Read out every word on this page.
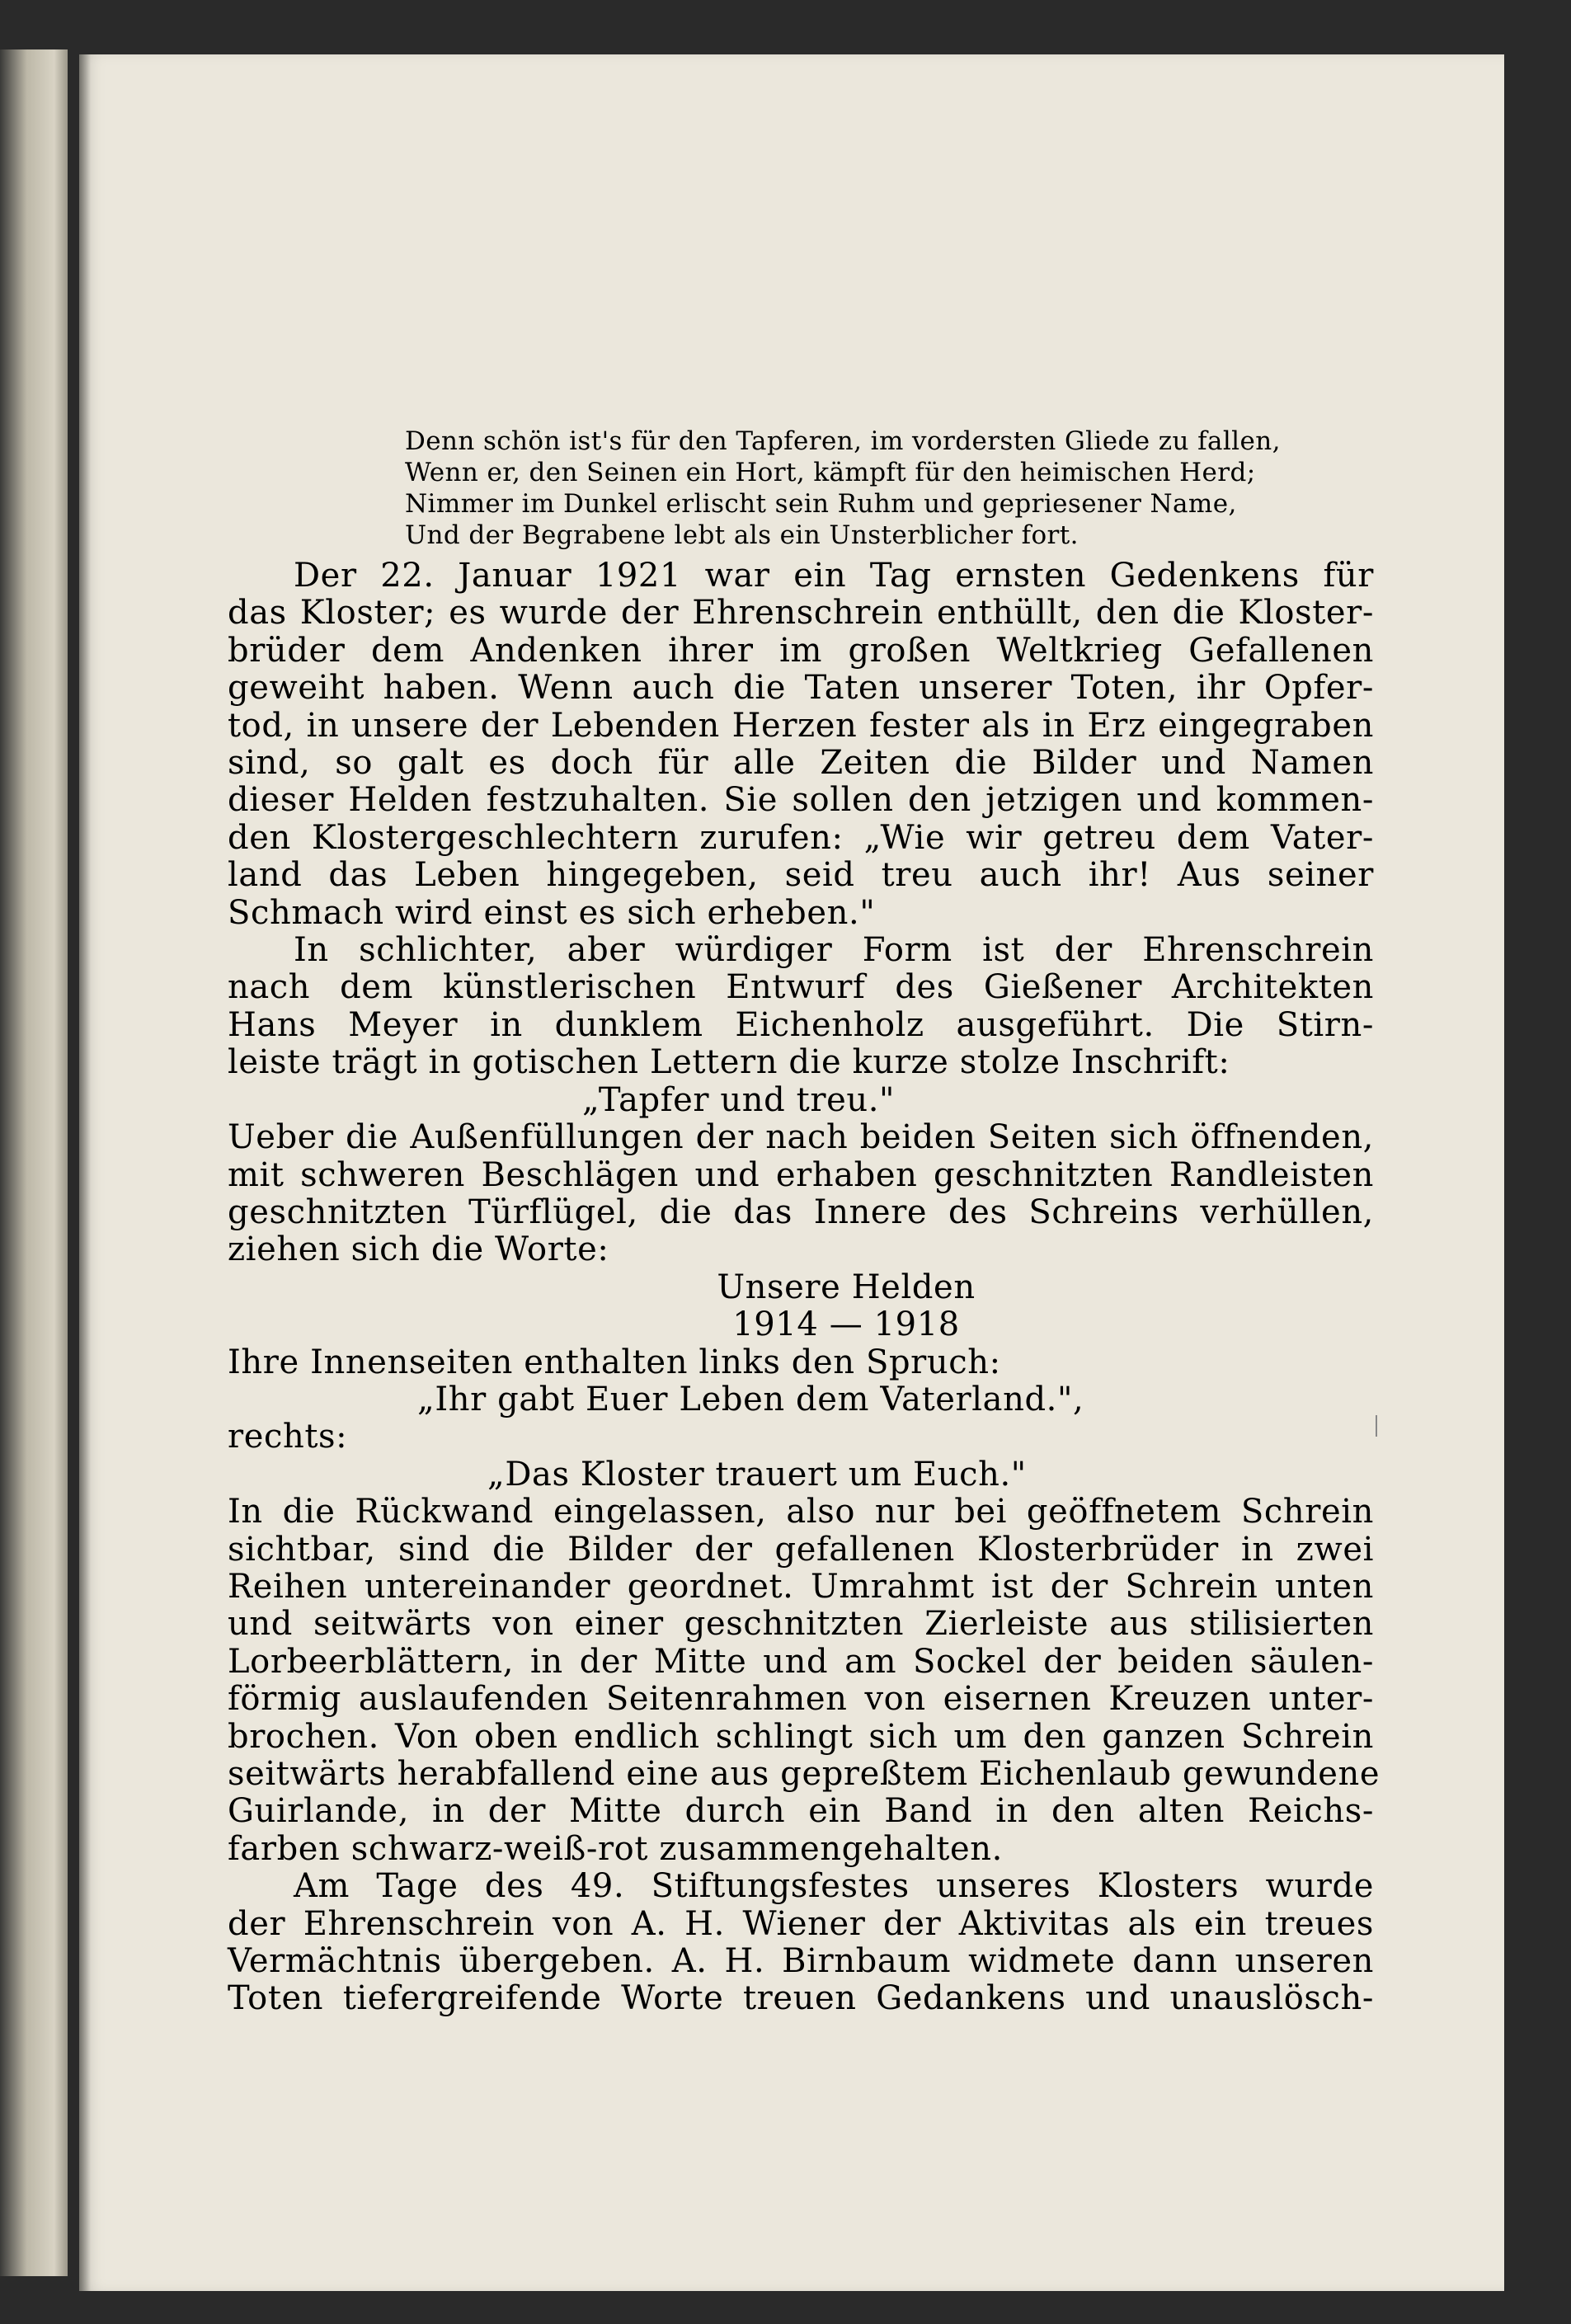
Denn schön ist's für den Tapferen, im vordersten Gliede zu fallen,
Wenn er, den Seinen ein Hort, kämpft für den heimischen Herd;
Nimmer im Dunkel erlischt sein Ruhm und gepriesener Name,
Und der Begrabene lebt als ein Unsterblicher fort.
Der 22. Januar 1921 war ein Tag ernsten Gedenkens für
das Kloster; es wurde der Ehrenschrein enthüllt, den die Kloster-
brüder dem Andenken ihrer im großen Weltkrieg Gefallenen
geweiht haben. Wenn auch die Taten unserer Toten, ihr Opfer-
tod, in unsere der Lebenden Herzen fester als in Erz eingegraben
sind, so galt es doch für alle Zeiten die Bilder und Namen
dieser Helden festzuhalten. Sie sollen den jetzigen und kommen-
den Klostergeschlechtern zurufen: „Wie wir getreu dem Vater-
land das Leben hingegeben, seid treu auch ihr! Aus seiner
Schmach wird einst es sich erheben."
In schlichter, aber würdiger Form ist der Ehrenschrein
nach dem künstlerischen Entwurf des Gießener Architekten
Hans Meyer in dunklem Eichenholz ausgeführt. Die Stirn-
leiste trägt in gotischen Lettern die kurze stolze Inschrift:
„Tapfer und treu."
Ueber die Außenfüllungen der nach beiden Seiten sich öffnenden,
mit schweren Beschlägen und erhaben geschnitzten Randleisten
geschnitzten Türflügel, die das Innere des Schreins verhüllen,
ziehen sich die Worte:
Unsere Helden
1914 — 1918
Ihre Innenseiten enthalten links den Spruch:
„Ihr gabt Euer Leben dem Vaterland.",
rechts:
„Das Kloster trauert um Euch."
In die Rückwand eingelassen, also nur bei geöffnetem Schrein
sichtbar, sind die Bilder der gefallenen Klosterbrüder in zwei
Reihen untereinander geordnet. Umrahmt ist der Schrein unten
und seitwärts von einer geschnitzten Zierleiste aus stilisierten
Lorbeerblättern, in der Mitte und am Sockel der beiden säulen-
förmig auslaufenden Seitenrahmen von eisernen Kreuzen unter-
brochen. Von oben endlich schlingt sich um den ganzen Schrein
seitwärts herabfallend eine aus gepreßtem Eichenlaub gewundene
Guirlande, in der Mitte durch ein Band in den alten Reichs-
farben schwarz-weiß-rot zusammengehalten.
Am Tage des 49. Stiftungsfestes unseres Klosters wurde
der Ehrenschrein von A. H. Wiener der Aktivitas als ein treues
Vermächtnis übergeben. A. H. Birnbaum widmete dann unseren
Toten tiefergreifende Worte treuen Gedankens und unauslösch-
